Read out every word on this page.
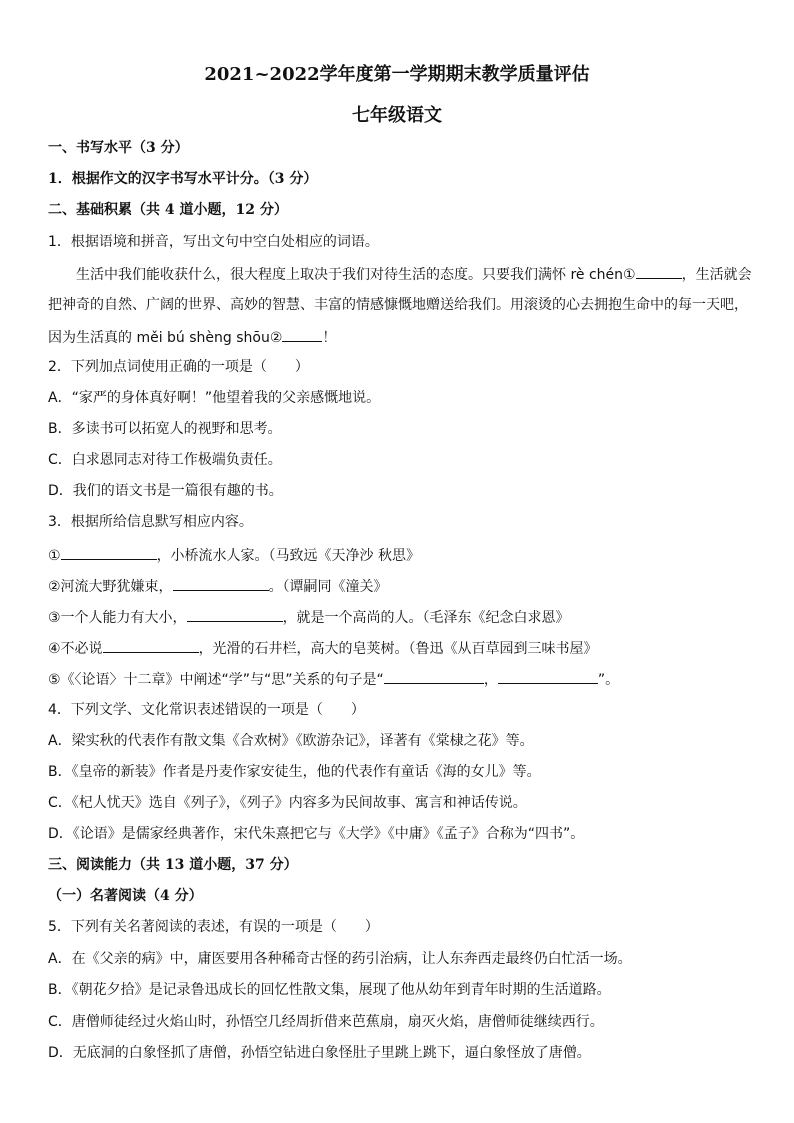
2021~2022学年度第一学期期末教学质量评估
七年级语文
一、书写水平（3 分）
1．根据作文的汉字书写水平计分。（3 分）
二、基础积累（共 4 道小题，12 分）
1．根据语境和拼音，写出文句中空白处相应的词语。
生活中我们能收获什么，很大程度上取决于我们对待生活的态度。只要我们满怀 rè chén①	，生活就会
把神奇的自然、广阔的世界、高妙的智慧、丰富的情感慷慨地赠送给我们。用滚烫的心去拥抱生命中的每一天吧，
因为生活真的 měi bú shèng shōu②	！
2．下列加点词使用正确的一项是（　　）
A．“家严的身体真好啊！”他望着我的父亲感慨地说。
B．多读书可以拓宽人的视野和思考。
C．白求恩同志对待工作极端负责任。
D．我们的语文书是一篇很有趣的书。
3．根据所给信息默写相应内容。
①	，小桥流水人家。（马致远《天净沙 秋思》
②河流大野犹嫌束，	。（谭嗣同《潼关》
③一个人能力有大小，	，就是一个高尚的人。（毛泽东《纪念白求恩》
④不必说	，光滑的石井栏，高大的皂荚树。（鲁迅《从百草园到三味书屋》
⑤《〈论语〉十二章》中阐述“学”与“思”关系的句子是“	，	”。
4．下列文学、文化常识表述错误的一项是（　　）
A．梁实秋的代表作有散文集《合欢树》《欧游杂记》，译著有《棠棣之花》等。
B．《皇帝的新装》作者是丹麦作家安徒生，他的代表作有童话《海的女儿》等。
C．《杞人忧天》选自《列子》，《列子》内容多为民间故事、寓言和神话传说。
D．《论语》是儒家经典著作，宋代朱熹把它与《大学》《中庸》《孟子》合称为“四书”。
三、阅读能力（共 13 道小题，37 分）
（一）名著阅读（4 分）
5．下列有关名著阅读的表述，有误的一项是（　　）
A．在《父亲的病》中，庸医要用各种稀奇古怪的药引治病，让人东奔西走最终仍白忙活一场。
B．《朝花夕拾》是记录鲁迅成长的回忆性散文集，展现了他从幼年到青年时期的生活道路。
C．唐僧师徒经过火焰山时，孙悟空几经周折借来芭蕉扇，扇灭火焰，唐僧师徒继续西行。
D．无底洞的白象怪抓了唐僧，孙悟空钻进白象怪肚子里跳上跳下，逼白象怪放了唐僧。
